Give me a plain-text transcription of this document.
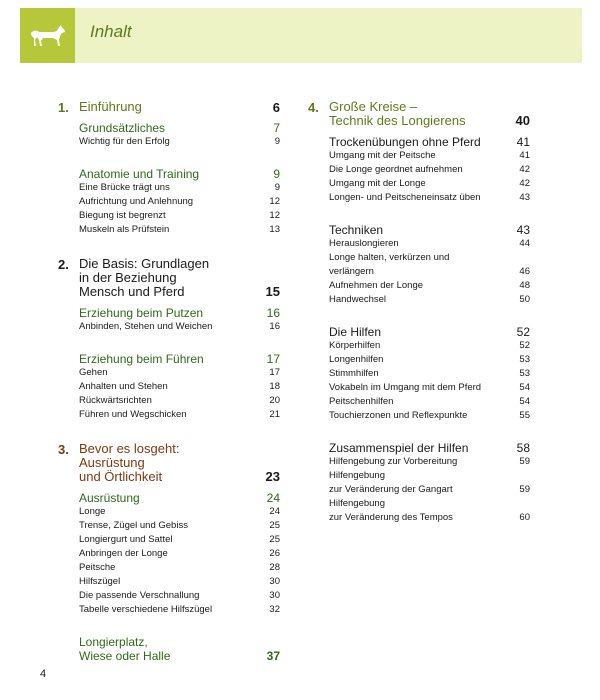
Inhalt
1. Einführung	6
Grundsätzliches	7
Wichtig für den Erfolg	9
Anatomie und Training	9
Eine Brücke trägt uns	9
Aufrichtung und Anlehnung	12
Biegung ist begrenzt	12
Muskeln als Prüfstein	13
2. Die Basis: Grundlagen
in der Beziehung
Mensch und Pferd	15
Erziehung beim Putzen	16
Anbinden, Stehen und Weichen	16
Erziehung beim Führen	17
Gehen	17
Anhalten und Stehen	18
Rückwärtsrichten	20
Führen und Wegschicken	21
3. Bevor es losgeht:
Ausrüstung
und Örtlichkeit	23
Ausrüstung	24
Longe	24
Trense, Zügel und Gebiss	25
Longiergurt und Sattel	25
Anbringen der Longe	26
Peitsche	28
Hilfszügel	30
Die passende Verschnallung	30
Tabelle verschiedene Hilfszügel	32
Longierplatz,
Wiese oder Halle	37
4. Große Kreise –
Technik des Longierens	40
Trockenübungen ohne Pferd	41
Umgang mit der Peitsche	41
Die Longe geordnet aufnehmen	42
Umgang mit der Longe	42
Longen- und Peitscheneinsatz üben	43
Techniken	43
Herauslongieren	44
Longe halten, verkürzen und verlängern	46
Aufnehmen der Longe	48
Handwechsel	50
Die Hilfen	52
Körperhilfen	52
Longenhilfen	53
Stimmhilfen	53
Vokabeln im Umgang mit dem Pferd	54
Peitschenhilfen	54
Touchierzonen und Reflexpunkte	55
Zusammenspiel der Hilfen	58
Hilfengebung zur Vorbereitung	59
Hilfengebung
zur Veränderung der Gangart	59
Hilfengebung
zur Veränderung des Tempos	60
4
